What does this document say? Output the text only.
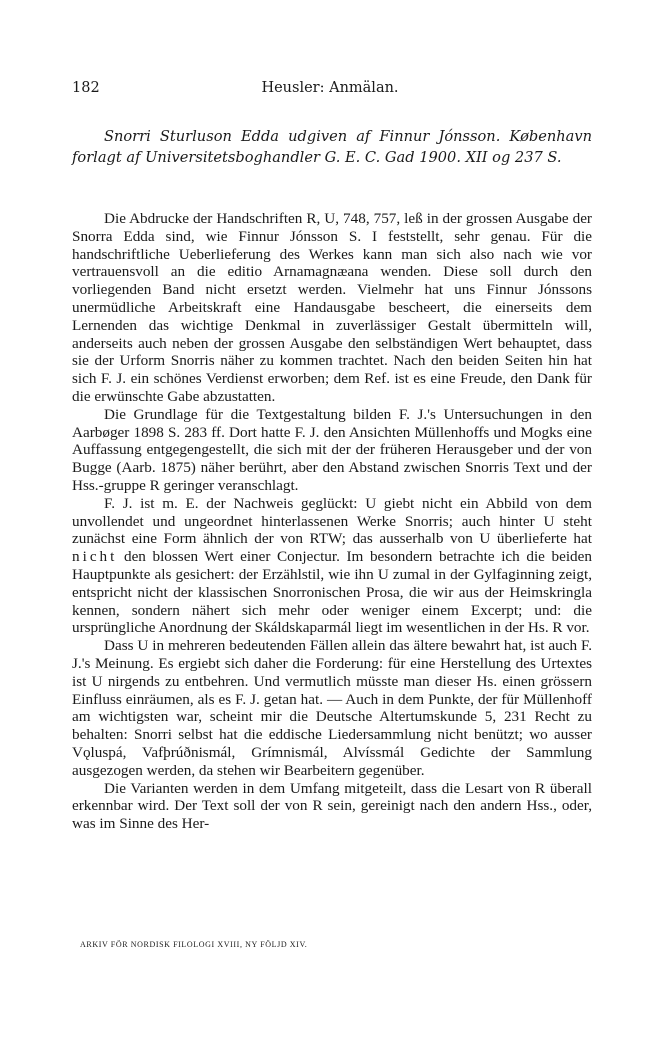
182	Heusler: Anmälan.
Snorri Sturluson Edda udgiven af Finnur Jónsson. København forlagt af Universitetsboghandler G. E. C. Gad 1900. XII og 237 S.

Die Abdrucke der Handschriften R, U, 748, 757, leß in der grossen Ausgabe der Snorra Edda sind, wie Finnur Jónsson S. I feststellt, sehr genau. Für die handschriftliche Ueberlieferung des Werkes kann man sich also nach wie vor vertrauensvoll an die editio Arnamagnæana wenden. Diese soll durch den vorliegenden Band nicht ersetzt werden. Vielmehr hat uns Finnur Jónssons unermüdliche Arbeitskraft eine Handausgabe bescheert, die einerseits dem Lernenden das wichtige Denkmal in zuverlässiger Gestalt übermitteln will, anderseits auch neben der grossen Ausgabe den selbständigen Wert behauptet, dass sie der Urform Snorris näher zu kommen trachtet. Nach den beiden Seiten hin hat sich F. J. ein schönes Verdienst erworben; dem Ref. ist es eine Freude, den Dank für die erwünschte Gabe abzustatten.

Die Grundlage für die Textgestaltung bilden F. J.'s Untersuchungen in den Aarbøger 1898 S. 283 ff. Dort hatte F. J. den Ansichten Müllenhoffs und Mogks eine Auffassung entgegengestellt, die sich mit der der früheren Herausgeber und der von Bugge (Aarb. 1875) näher berührt, aber den Abstand zwischen Snorris Text und der Hss.-gruppe R geringer veranschlagt.

F. J. ist m. E. der Nachweis geglückt: U giebt nicht ein Abbild von dem unvollendet und ungeordnet hinterlassenen Werke Snorris; auch hinter U steht zunächst eine Form ähnlich der von RTW; das ausserhalb von U überlieferte hat nicht den blossen Wert einer Conjectur. Im besondern betrachte ich die beiden Hauptpunkte als gesichert: der Erzählstil, wie ihn U zumal in der Gylfaginning zeigt, entspricht nicht der klassischen Snorronischen Prosa, die wir aus der Heimskringla kennen, sondern nähert sich mehr oder weniger einem Excerpt; und: die ursprüngliche Anordnung der Skáldskaparmál liegt im wesentlichen in der Hs. R vor.

Dass U in mehreren bedeutenden Fällen allein das ältere bewahrt hat, ist auch F. J.'s Meinung. Es ergiebt sich daher die Forderung: für eine Herstellung des Urtextes ist U nirgends zu entbehren. Und vermutlich müsste man dieser Hs. einen grössern Einfluss einräumen, als es F. J. getan hat. — Auch in dem Punkte, der für Müllenhoff am wichtigsten war, scheint mir die Deutsche Altertumskunde 5, 231 Recht zu behalten: Snorri selbst hat die eddische Liedersammlung nicht benützt; wo ausser Vǫluspá, Vafþrúðnismál, Grímnismál, Alvíssmál Gedichte der Sammlung ausgezogen werden, da stehen wir Bearbeitern gegenüber.

Die Varianten werden in dem Umfang mitgeteilt, dass die Lesart von R überall erkennbar wird. Der Text soll der von R sein, gereinigt nach den andern Hss., oder, was im Sinne des Her-

ARKIV FÖR NORDISK FILOLOGI XVIII, NY FÖLJD XIV.
